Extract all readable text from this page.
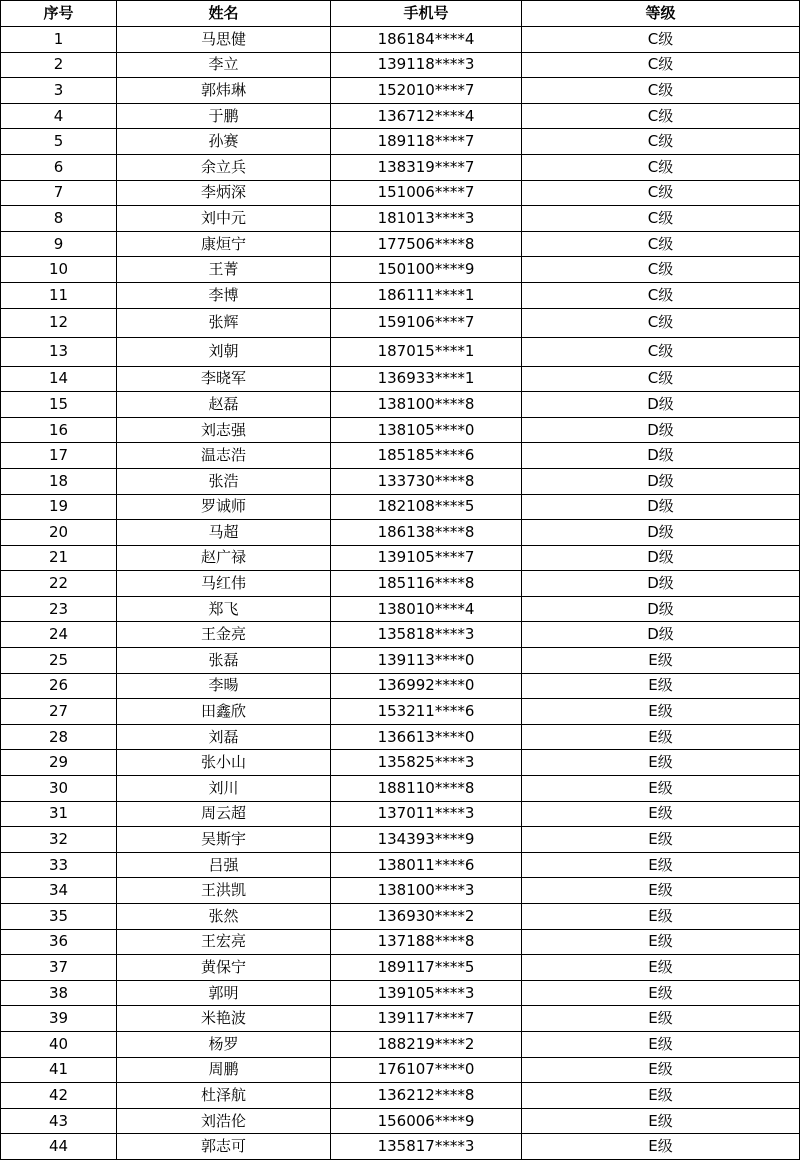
序号	姓名	手机号	等级
1	马思健	186184****4	C级
2	李立	139118****3	C级
3	郭炜琳	152010****7	C级
4	于鹏	136712****4	C级
5	孙赛	189118****7	C级
6	余立兵	138319****7	C级
7	李炳深	151006****7	C级
8	刘中元	181013****3	C级
9	康烜宁	177506****8	C级
10	王菁	150100****9	C级
11	李博	186111****1	C级
12	张辉	159106****7	C级
13	刘朝	187015****1	C级
14	李晓军	136933****1	C级
15	赵磊	138100****8	D级
16	刘志强	138105****0	D级
17	温志浩	185185****6	D级
18	张浩	133730****8	D级
19	罗诚师	182108****5	D级
20	马超	186138****8	D级
21	赵广禄	139105****7	D级
22	马红伟	185116****8	D级
23	郑飞	138010****4	D级
24	王金亮	135818****3	D级
25	张磊	139113****0	E级
26	李暘	136992****0	E级
27	田鑫欣	153211****6	E级
28	刘磊	136613****0	E级
29	张小山	135825****3	E级
30	刘川	188110****8	E级
31	周云超	137011****3	E级
32	吴斯宇	134393****9	E级
33	吕强	138011****6	E级
34	王洪凯	138100****3	E级
35	张然	136930****2	E级
36	王宏亮	137188****8	E级
37	黄保宁	189117****5	E级
38	郭明	139105****3	E级
39	米艳波	139117****7	E级
40	杨罗	188219****2	E级
41	周鹏	176107****0	E级
42	杜泽航	136212****8	E级
43	刘浩伦	156006****9	E级
44	郭志可	135817****3	E级
